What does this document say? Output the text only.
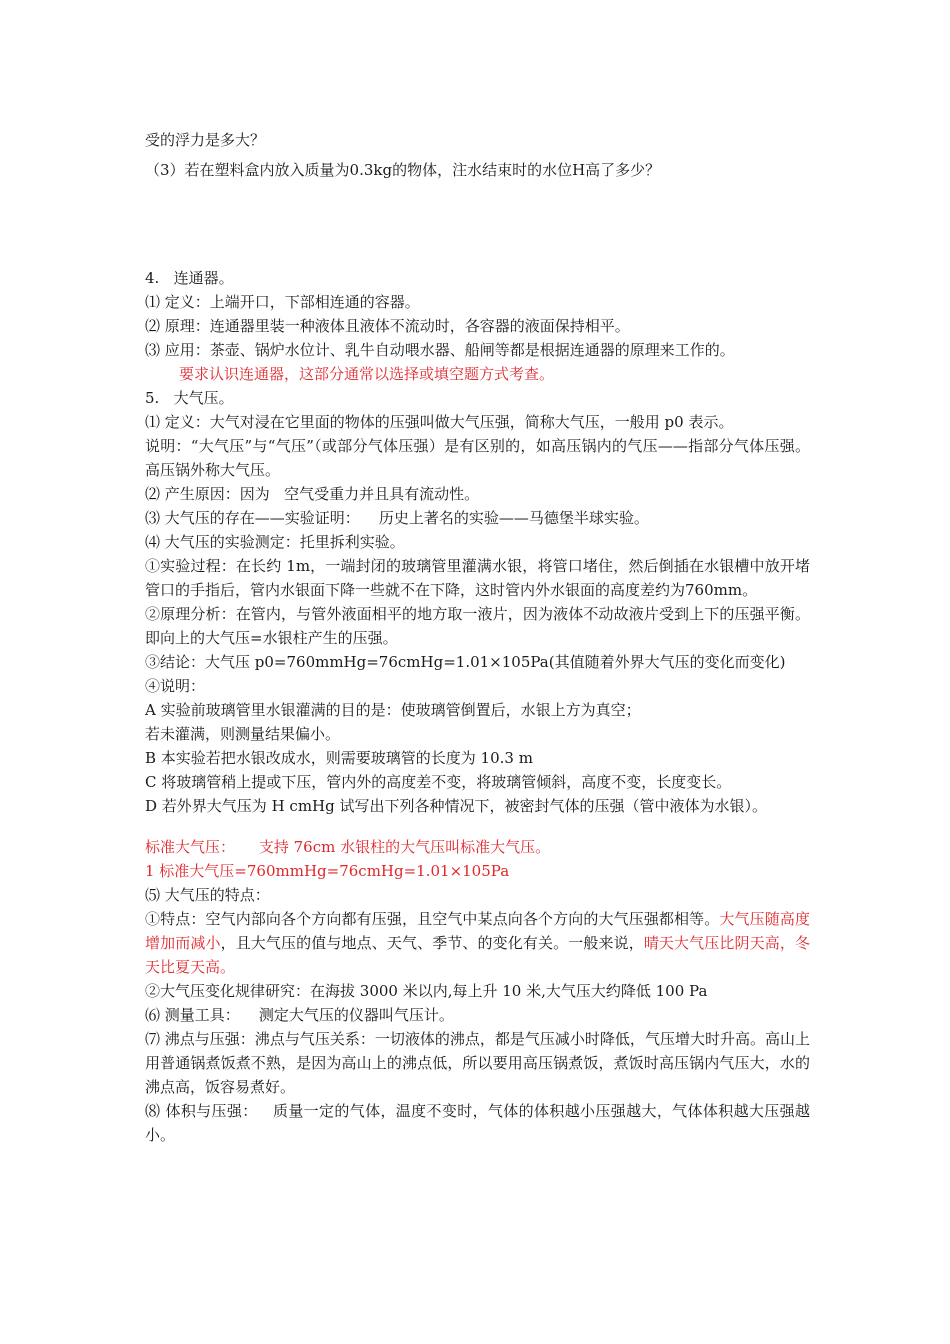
受的浮力是多大？
（3）若在塑料盒内放入质量为0.3kg的物体，注水结束时的水位H高了多少？
4.   连通器。
⑴ 定义：上端开口，下部相连通的容器。
⑵ 原理：连通器里装一种液体且液体不流动时，各容器的液面保持相平。
⑶ 应用：茶壶、锅炉水位计、乳牛自动喂水器、船闸等都是根据连通器的原理来工作的。
要求认识连通器，这部分通常以选择或填空题方式考查。
5.   大气压。
⑴ 定义：大气对浸在它里面的物体的压强叫做大气压强，简称大气压，一般用 p0 表示。
说明：“大气压”与“气压”（或部分气体压强）是有区别的，如高压锅内的气压——指部分气体压强。高压锅外称大气压。
⑵ 产生原因：因为   空气受重力并且具有流动性。
⑶ 大气压的存在——实验证明：    历史上著名的实验——马德堡半球实验。
⑷ 大气压的实验测定：托里拆利实验。
①实验过程：在长约 1m，一端封闭的玻璃管里灌满水银，将管口堵住，然后倒插在水银槽中放开堵管口的手指后，管内水银面下降一些就不在下降，这时管内外水银面的高度差约为760mm。
②原理分析：在管内，与管外液面相平的地方取一液片，因为液体不动故液片受到上下的压强平衡。即向上的大气压=水银柱产生的压强。
③结论：大气压 p0=760mmHg=76cmHg=1.01×105Pa(其值随着外界大气压的变化而变化)
④说明：
A 实验前玻璃管里水银灌满的目的是：使玻璃管倒置后，水银上方为真空；
若未灌满，则测量结果偏小。
B 本实验若把水银改成水，则需要玻璃管的长度为 10.3 m
C 将玻璃管稍上提或下压，管内外的高度差不变，将玻璃管倾斜，高度不变，长度变长。
D 若外界大气压为 H cmHg 试写出下列各种情况下，被密封气体的压强（管中液体为水银）。
标准大气压：     支持 76cm 水银柱的大气压叫标准大气压。
1 标准大气压=760mmHg=76cmHg=1.01×105Pa
⑸ 大气压的特点：
①特点：空气内部向各个方向都有压强，且空气中某点向各个方向的大气压强都相等。大气压随高度增加而减小，且大气压的值与地点、天气、季节、的变化有关。一般来说，晴天大气压比阴天高，冬天比夏天高。
②大气压变化规律研究：在海拔 3000 米以内,每上升 10 米,大气压大约降低 100 Pa
⑹ 测量工具：    测定大气压的仪器叫气压计。
⑺ 沸点与压强：沸点与气压关系：一切液体的沸点，都是气压减小时降低，气压增大时升高。高山上用普通锅煮饭煮不熟，是因为高山上的沸点低，所以要用高压锅煮饭，煮饭时高压锅内气压大，水的沸点高，饭容易煮好。
⑻ 体积与压强：   质量一定的气体，温度不变时，气体的体积越小压强越大，气体体积越大压强越小。
